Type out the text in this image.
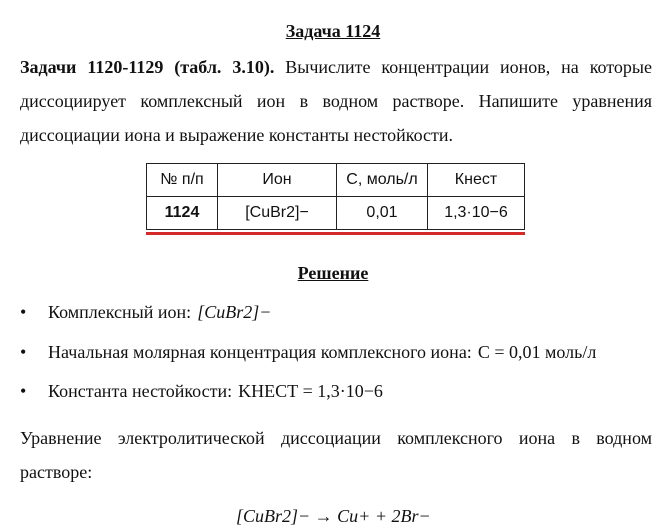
Задача 1124
Задачи 1120-1129 (табл. 3.10). Вычислите концентрации ионов, на которые диссоциирует комплексный ион в водном растворе. Напишите уравнения диссоциации иона и выражение константы нестойкости.
№ п/п	Ион	С, моль/л	Кнест
1124	[CuBr2]−	0,01	1,3·10−6
Решение
•	Комплексный ион: [CuBr2]−
•	Начальная молярная концентрация комплексного иона: C = 0,01 моль/л
•	Константа нестойкости: KНЕСТ = 1,3·10−6
Уравнение электролитической диссоциации комплексного иона в водном растворе:
[CuBr2]− → Cu+ + 2Br−
